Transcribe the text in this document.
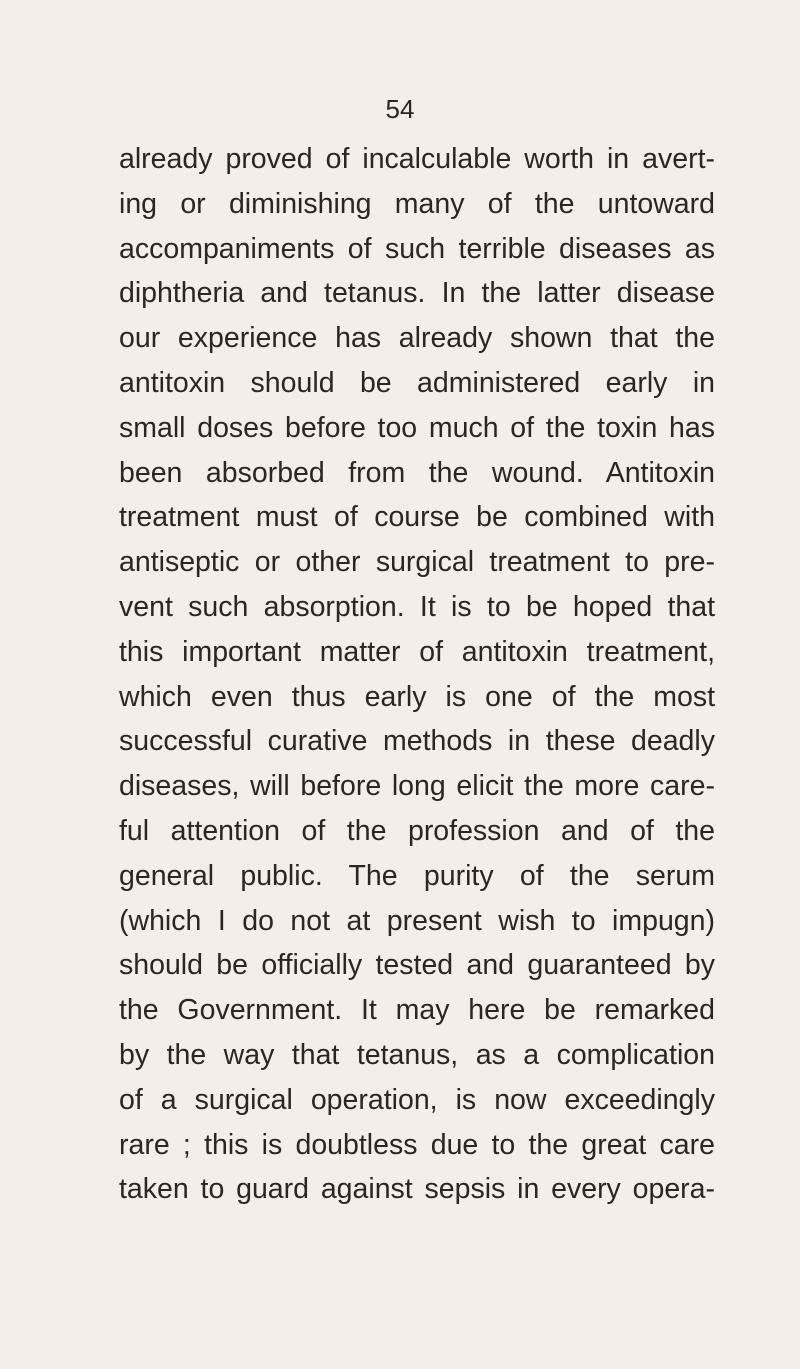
54
already proved of incalculable worth in avert-
ing or diminishing many of the untoward
accompaniments of such terrible diseases as
diphtheria and tetanus. In the latter disease
our experience has already shown that the
antitoxin should be administered early in
small doses before too much of the toxin has
been absorbed from the wound. Antitoxin
treatment must of course be combined with
antiseptic or other surgical treatment to pre-
vent such absorption. It is to be hoped that
this important matter of antitoxin treatment,
which even thus early is one of the most
successful curative methods in these deadly
diseases, will before long elicit the more care-
ful attention of the profession and of the
general public. The purity of the serum
(which I do not at present wish to impugn)
should be officially tested and guaranteed by
the Government. It may here be remarked
by the way that tetanus, as a complication
of a surgical operation, is now exceedingly
rare ; this is doubtless due to the great care
taken to guard against sepsis in every opera-
